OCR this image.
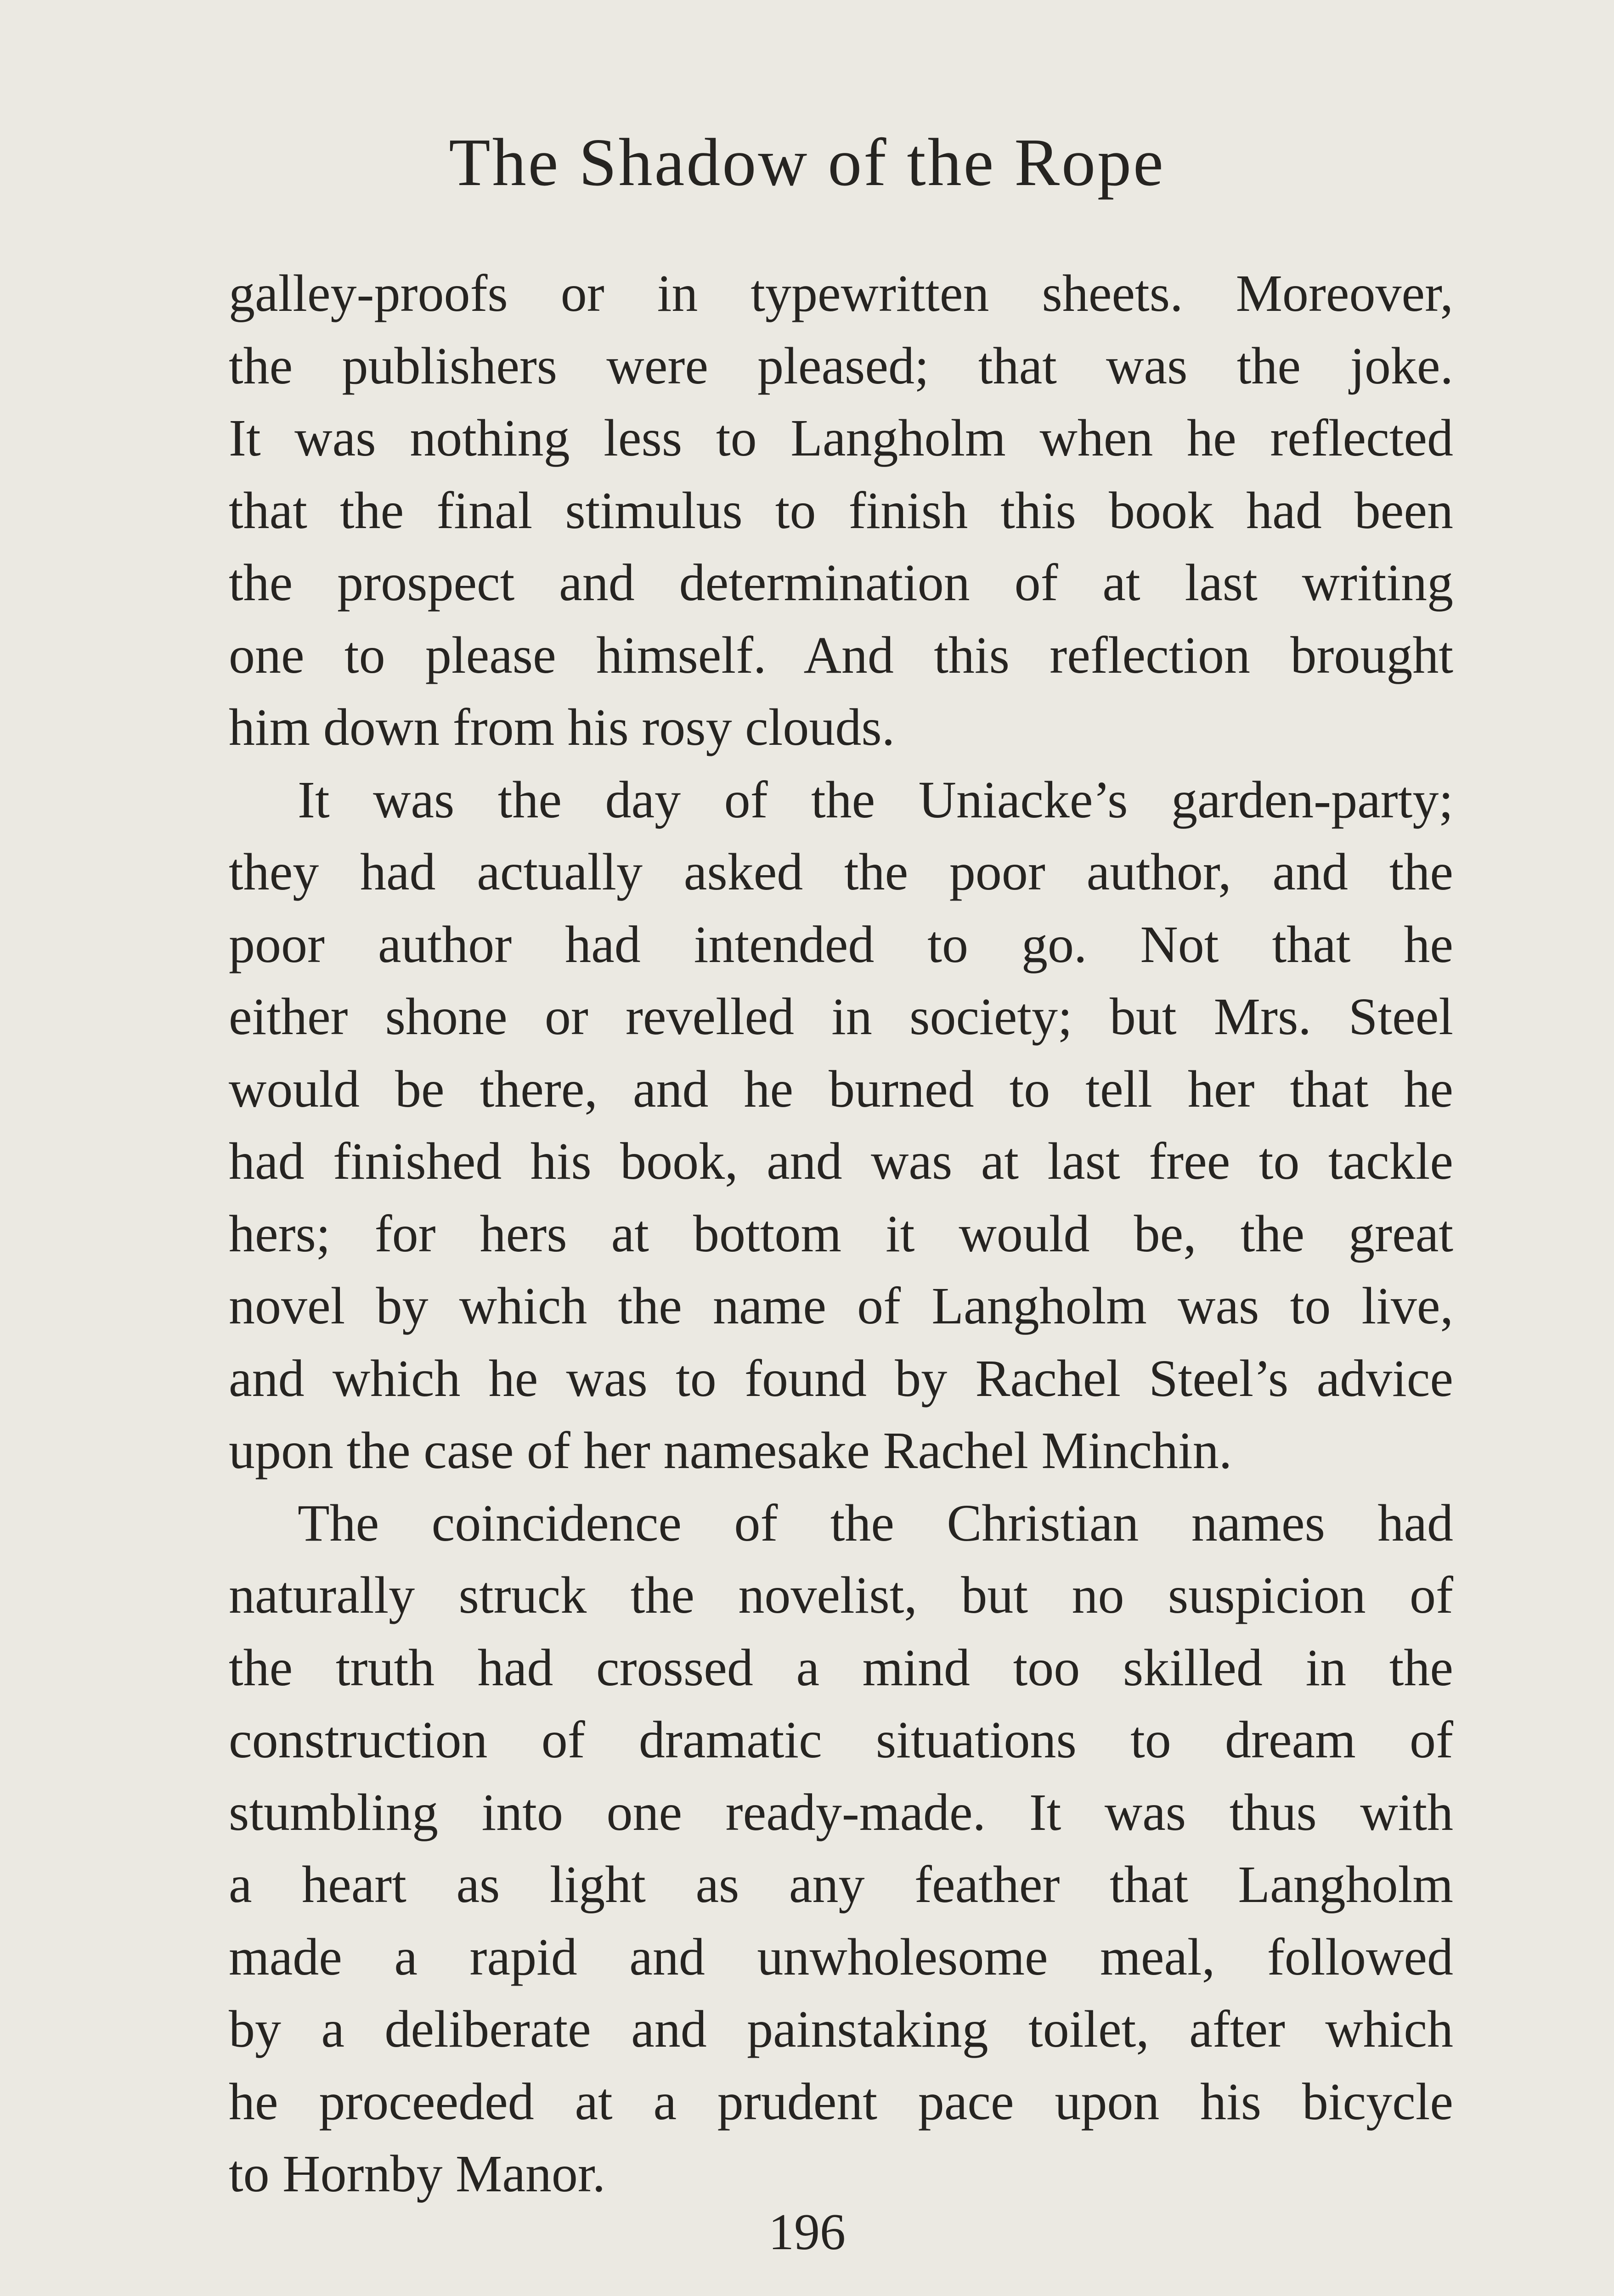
The Shadow of the Rope

galley-proofs or in typewritten sheets. Moreover,
the publishers were pleased; that was the joke.
It was nothing less to Langholm when he reflected
that the final stimulus to finish this book had been
the prospect and determination of at last writing
one to please himself. And this reflection brought
him down from his rosy clouds.

It was the day of the Uniacke’s garden-party;
they had actually asked the poor author, and the
poor author had intended to go. Not that he
either shone or revelled in society; but Mrs. Steel
would be there, and he burned to tell her that he
had finished his book, and was at last free to tackle
hers; for hers at bottom it would be, the great
novel by which the name of Langholm was to live,
and which he was to found by Rachel Steel’s advice
upon the case of her namesake Rachel Minchin.

The coincidence of the Christian names had
naturally struck the novelist, but no suspicion of
the truth had crossed a mind too skilled in the
construction of dramatic situations to dream of
stumbling into one ready-made. It was thus with
a heart as light as any feather that Langholm
made a rapid and unwholesome meal, followed
by a deliberate and painstaking toilet, after which
he proceeded at a prudent pace upon his bicycle
to Hornby Manor.

196
